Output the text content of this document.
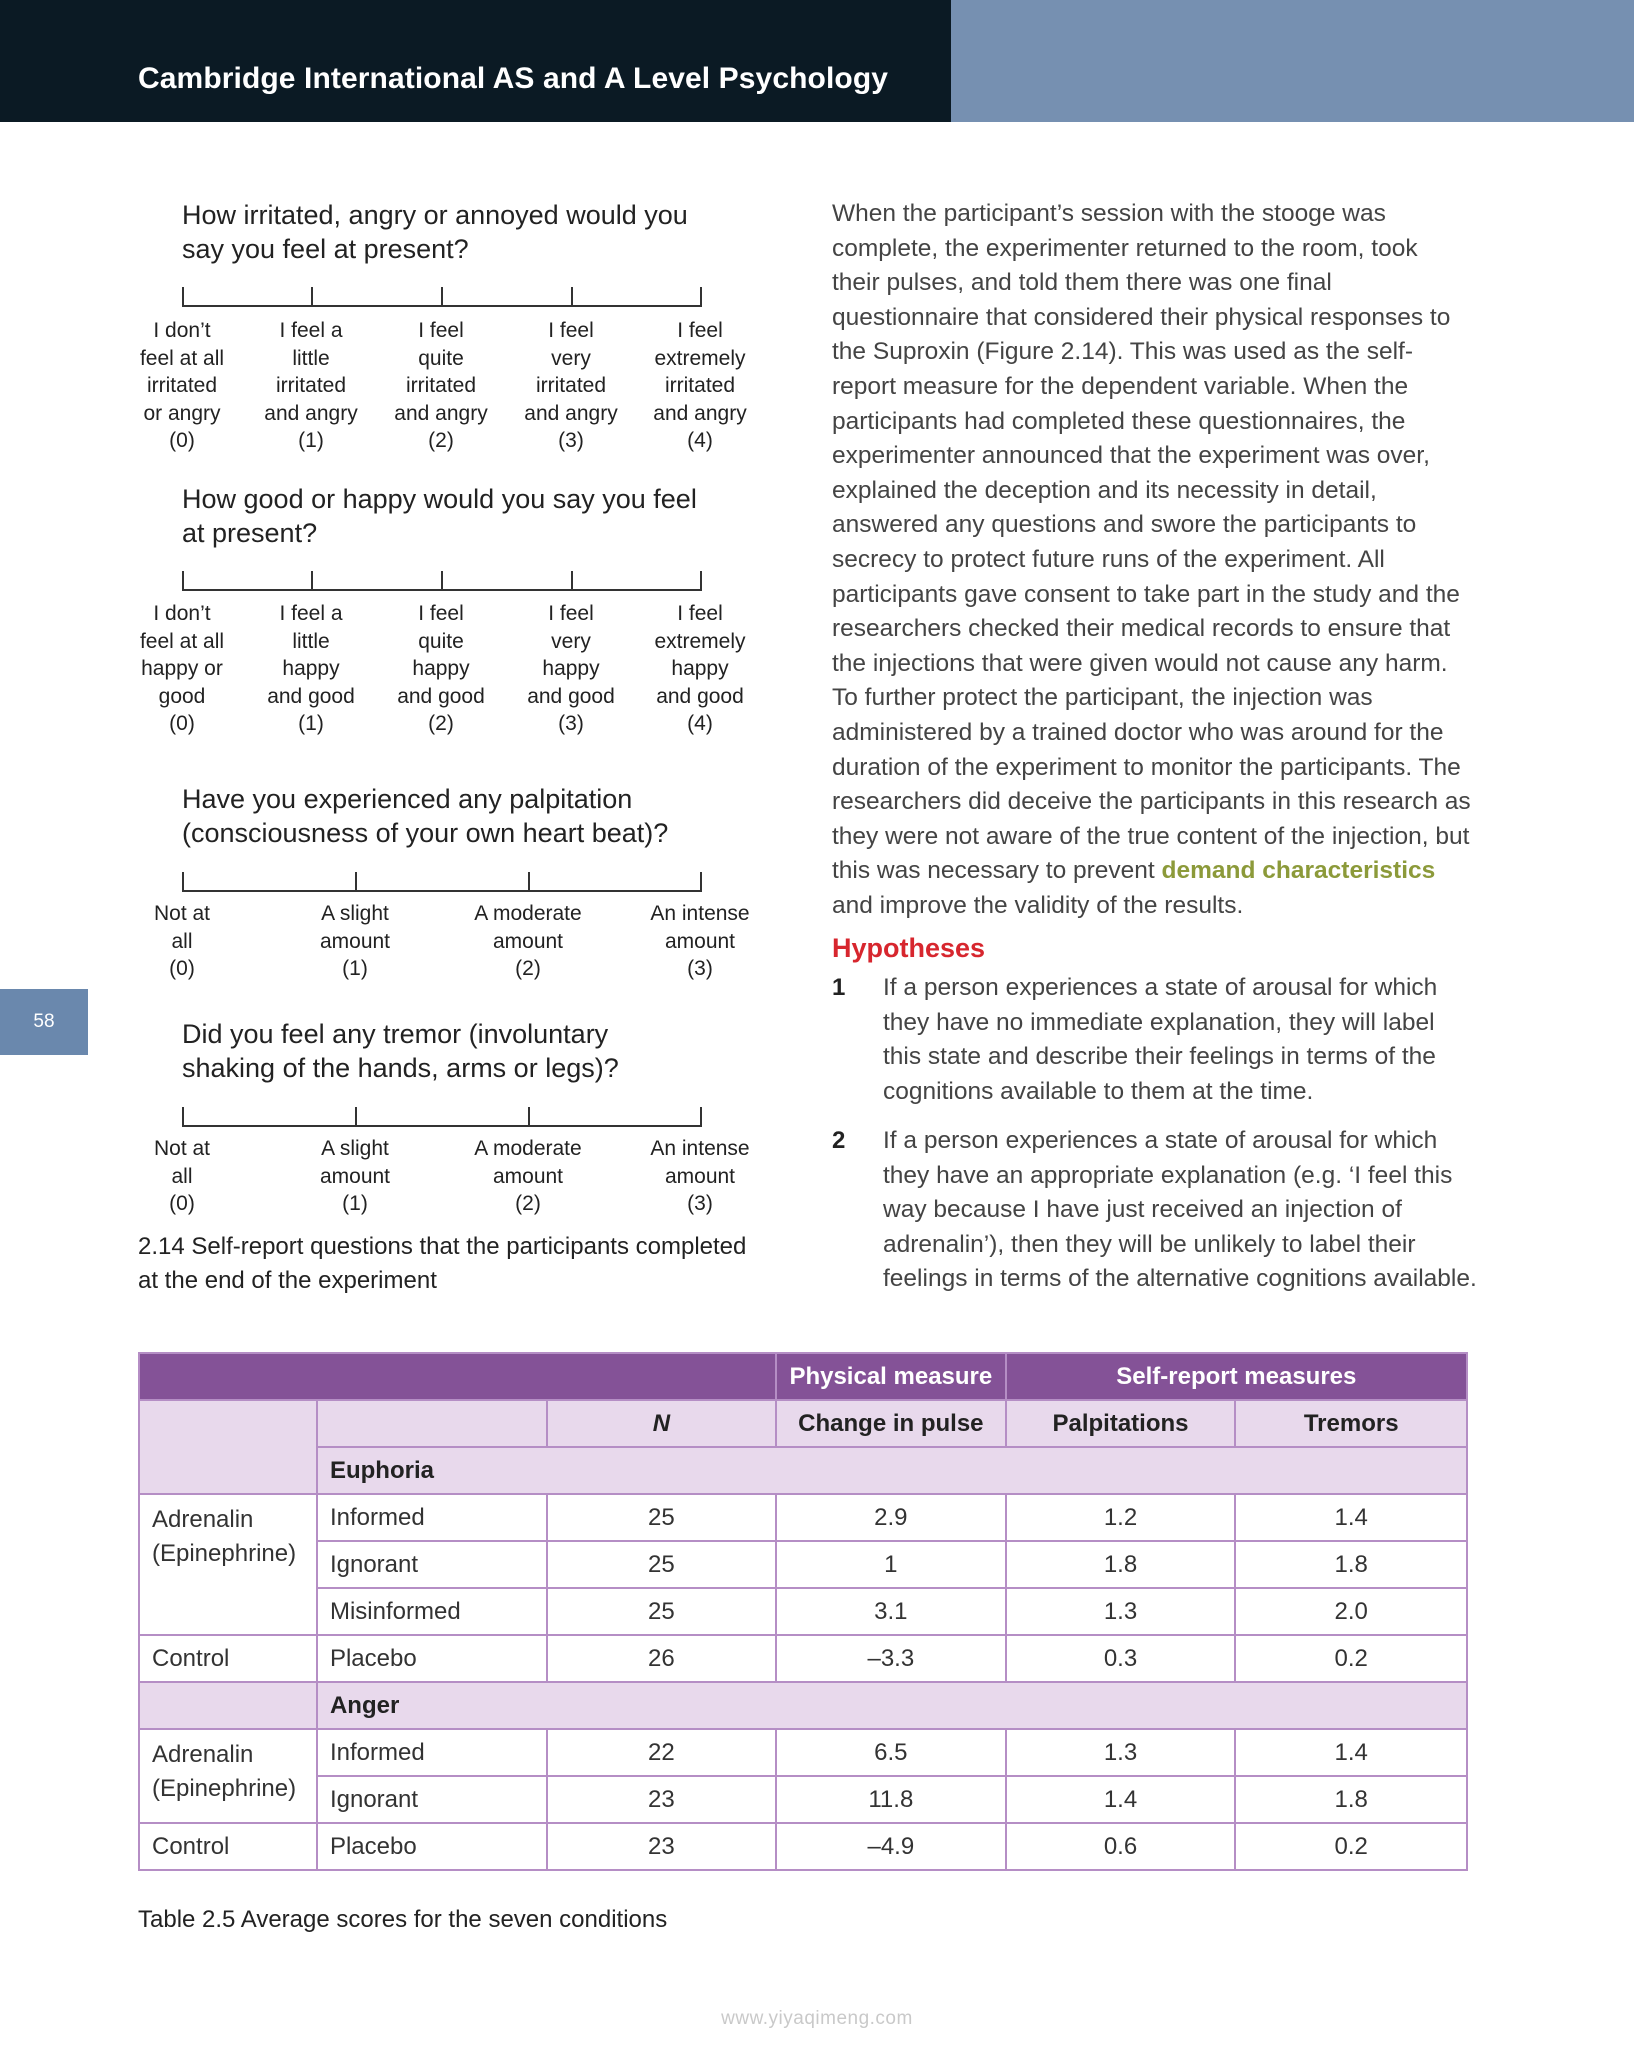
Cambridge International AS and A Level Psychology
58
How irritated, angry or annoyed would you
say you feel at present?
I don’t
feel at all
irritated
or angry
(0)
I feel a
little
irritated
and angry
(1)
I feel
quite
irritated
and angry
(2)
I feel
very
irritated
and angry
(3)
I feel
extremely
irritated
and angry
(4)
How good or happy would you say you feel
at present?
I don’t
feel at all
happy or
good
(0)
I feel a
little
happy
and good
(1)
I feel
quite
happy
and good
(2)
I feel
very
happy
and good
(3)
I feel
extremely
happy
and good
(4)
Have you experienced any palpitation
(consciousness of your own heart beat)?
Not at
all
(0)
A slight
amount
(1)
A moderate
amount
(2)
An intense
amount
(3)
Did you feel any tremor (involuntary
shaking of the hands, arms or legs)?
Not at
all
(0)
A slight
amount
(1)
A moderate
amount
(2)
An intense
amount
(3)
2.14 Self-report questions that the participants completed
at the end of the experiment
When the participant’s session with the stooge was complete, the experimenter returned to the room, took their pulses, and told them there was one final questionnaire that considered their physical responses to the Suproxin (Figure 2.14). This was used as the self-report measure for the dependent variable. When the participants had completed these questionnaires, the experimenter announced that the experiment was over, explained the deception and its necessity in detail, answered any questions and swore the participants to secrecy to protect future runs of the experiment. All participants gave consent to take part in the study and the researchers checked their medical records to ensure that the injections that were given would not cause any harm. To further protect the participant, the injection was administered by a trained doctor who was around for the duration of the experiment to monitor the participants. The researchers did deceive the participants in this research as they were not aware of the true content of the injection, but this was necessary to prevent demand characteristics and improve the validity of the results.
Hypotheses
1 If a person experiences a state of arousal for which they have no immediate explanation, they will label this state and describe their feelings in terms of the cognitions available to them at the time.
2 If a person experiences a state of arousal for which they have an appropriate explanation (e.g. ‘I feel this way because I have just received an injection of adrenalin’), then they will be unlikely to label their feelings in terms of the alternative cognitions available.
			Physical measure	Self-report measures	
		N	Change in pulse	Palpitations	Tremors
	Euphoria				
Adrenalin
(Epinephrine)	Informed	25	2.9	1.2	1.4
	Ignorant	25	1	1.8	1.8
	Misinformed	25	3.1	1.3	2.0
Control	Placebo	26	–3.3	0.3	0.2
	Anger				
Adrenalin
(Epinephrine)	Informed	22	6.5	1.3	1.4
	Ignorant	23	11.8	1.4	1.8
Control	Placebo	23	–4.9	0.6	0.2
Table 2.5 Average scores for the seven conditions
www.yiyaqimeng.com
